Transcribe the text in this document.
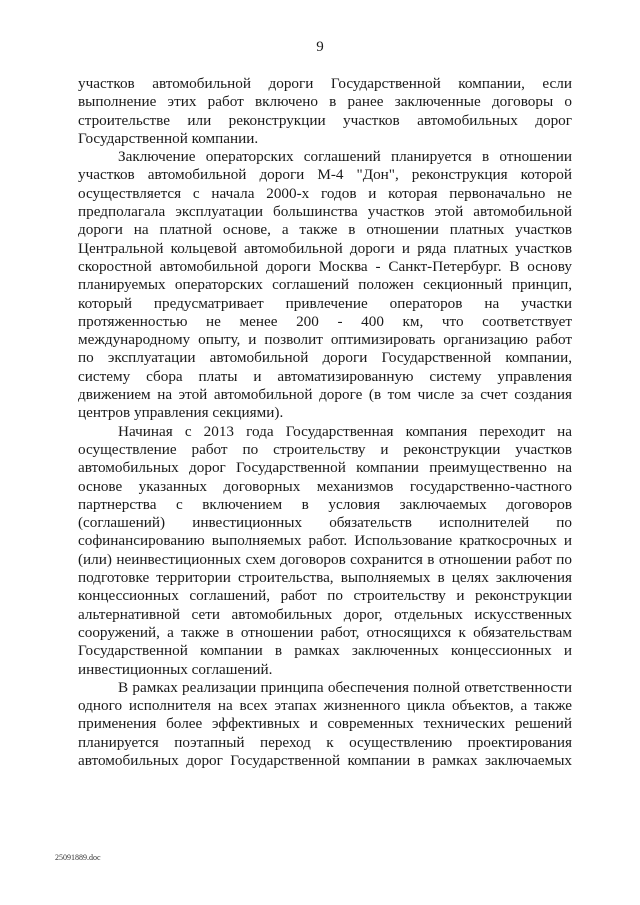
9

участков автомобильной дороги Государственной компании, если
выполнение этих работ включено в ранее заключенные договоры о
строительстве или реконструкции участков автомобильных дорог
Государственной компании.

Заключение операторских соглашений планируется в отношении
участков автомобильной дороги М-4 "Дон", реконструкция которой
осуществляется с начала 2000-х годов и которая первоначально не
предполагала эксплуатации большинства участков этой автомобильной
дороги на платной основе, а также в отношении платных участков
Центральной кольцевой автомобильной дороги и ряда платных участков
скоростной автомобильной дороги Москва - Санкт-Петербург. В основу
планируемых операторских соглашений положен секционный принцип,
который предусматривает привлечение операторов на участки
протяженностью не менее 200 - 400 км, что соответствует
международному опыту, и позволит оптимизировать организацию работ
по эксплуатации автомобильной дороги Государственной компании,
систему сбора платы и автоматизированную систему управления
движением на этой автомобильной дороге (в том числе за счет создания
центров управления секциями).

Начиная с 2013 года Государственная компания переходит на
осуществление работ по строительству и реконструкции участков
автомобильных дорог Государственной компании преимущественно на
основе указанных договорных механизмов государственно-частного
партнерства с включением в условия заключаемых договоров
(соглашений) инвестиционных обязательств исполнителей по
софинансированию выполняемых работ. Использование краткосрочных и
(или) неинвестиционных схем договоров сохранится в отношении работ по
подготовке территории строительства, выполняемых в целях заключения
концессионных соглашений, работ по строительству и реконструкции
альтернативной сети автомобильных дорог, отдельных искусственных
сооружений, а также в отношении работ, относящихся к обязательствам
Государственной компании в рамках заключенных концессионных и
инвестиционных соглашений.

В рамках реализации принципа обеспечения полной ответственности
одного исполнителя на всех этапах жизненного цикла объектов, а также
применения более эффективных и современных технических решений
планируется поэтапный переход к осуществлению проектирования
автомобильных дорог Государственной компании в рамках заключаемых

25091889.doc
